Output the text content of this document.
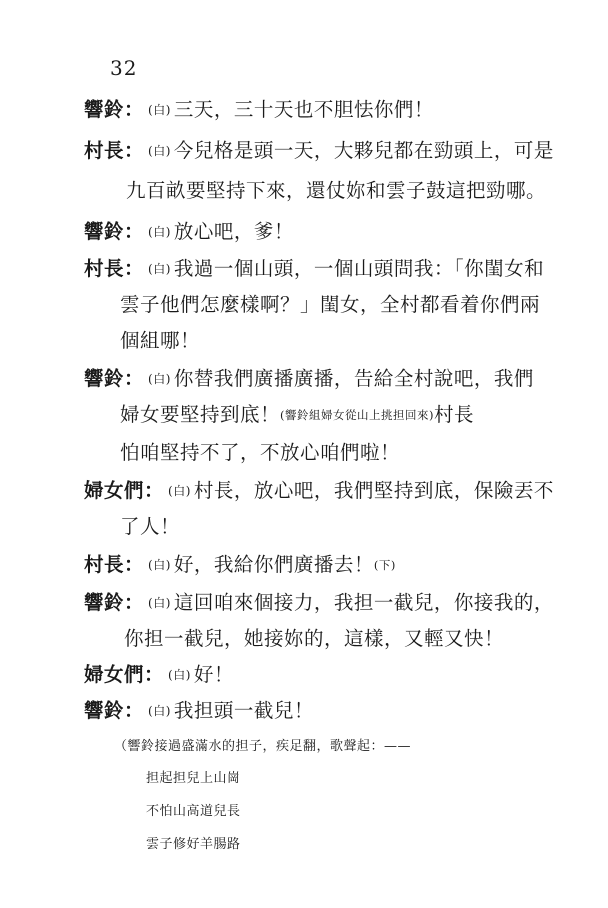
32
響鈴： (白) 三天，三十天也不胆怯你們！
村長： (白) 今兒格是頭一天，大夥兒都在勁頭上，可是
九百畝要堅持下來，還仗妳和雲子鼓這把勁哪。
響鈴： (白) 放心吧，爹！
村長： (白) 我過一個山頭，一個山頭問我：「你閨女和
雲子他們怎麼樣啊？」閨女，全村都看着你們兩
個組哪！
響鈴： (白) 你替我們廣播廣播，告給全村說吧，我們
婦女要堅持到底！(響鈴組婦女從山上挑担回來)村長
怕咱堅持不了，不放心咱們啦！
婦女們： (白) 村長，放心吧，我們堅持到底，保險丟不
了人！
村長： (白) 好，我給你們廣播去！(下)
響鈴： (白) 這回咱來個接力，我担一截兒，你接我的，
你担一截兒，她接妳的，這樣，又輕又快！
婦女們： (白) 好！
響鈴： (白) 我担頭一截兒！
（響鈴接過盛滿水的担子，疾足翻，歌聲起：——
担起担兒上山崗
不怕山高道兒長
雲子修好羊腸路
